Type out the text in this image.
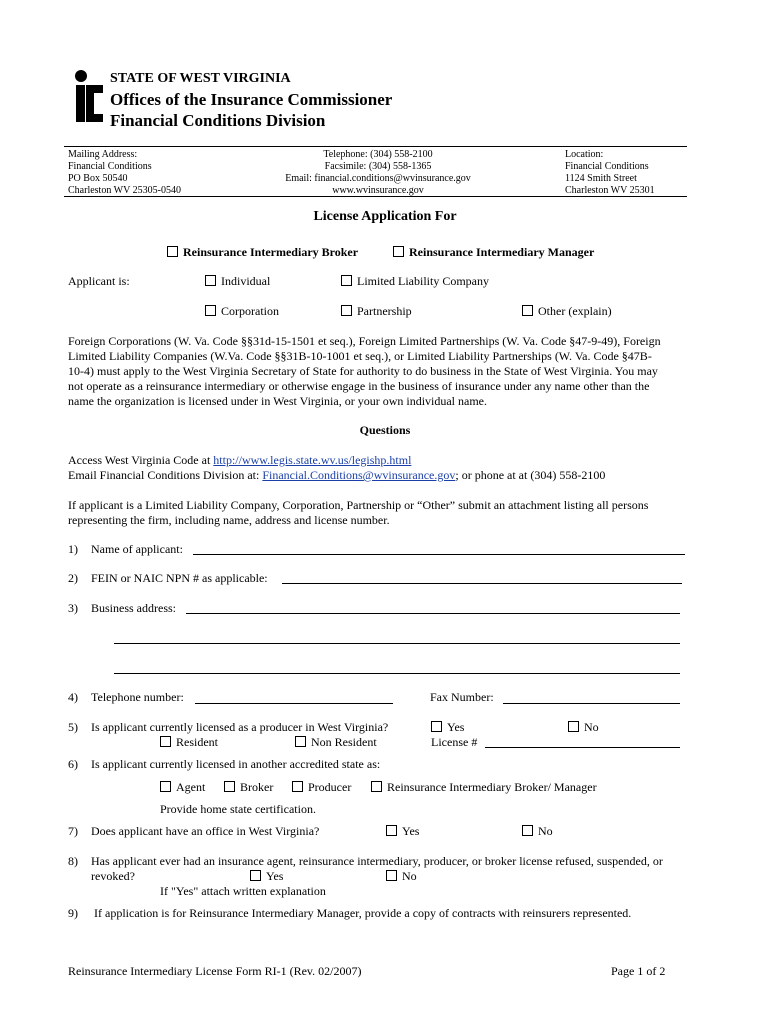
STATE OF WEST VIRGINIA
Offices of the Insurance Commissioner
Financial Conditions Division
Mailing Address:
Financial Conditions
PO Box 50540
Charleston WV 25305-0540
Telephone: (304) 558-2100
Facsimile: (304) 558-1365
Email: financial.conditions@wvinsurance.gov
www.wvinsurance.gov
Location:
Financial Conditions
1124 Smith Street
Charleston WV 25301
License Application For
Reinsurance Intermediary Broker	Reinsurance Intermediary Manager
Applicant is:	Individual	Limited Liability Company
Corporation	Partnership	Other (explain)
Foreign Corporations (W. Va. Code §§31d-15-1501 et seq.), Foreign Limited Partnerships (W. Va. Code §47-9-49), Foreign
Limited Liability Companies (W.Va. Code §§31B-10-1001 et seq.), or Limited Liability Partnerships (W. Va. Code §47B-
10-4) must apply to the West Virginia Secretary of State for authority to do business in the State of West Virginia. You may
not operate as a reinsurance intermediary or otherwise engage in the business of insurance under any name other than the
name the organization is licensed under in West Virginia, or your own individual name.
Questions
Access West Virginia Code at http://www.legis.state.wv.us/legishp.html
Email Financial Conditions Division at: Financial.Conditions@wvinsurance.gov; or phone at at (304) 558-2100
If applicant is a Limited Liability Company, Corporation, Partnership or “Other” submit an attachment listing all persons
representing the firm, including name, address and license number.
1) Name of applicant:
2) FEIN or NAIC NPN # as applicable:
3) Business address:
4) Telephone number:	Fax Number:
5) Is applicant currently licensed as a producer in West Virginia?	Yes	No
Resident	Non Resident	License #
6) Is applicant currently licensed in another accredited state as:
Agent	Broker	Producer	Reinsurance Intermediary Broker/ Manager
Provide home state certification.
7) Does applicant have an office in West Virginia?	Yes	No
8) Has applicant ever had an insurance agent, reinsurance intermediary, producer, or broker license refused, suspended, or
revoked?	Yes	No
If "Yes" attach written explanation
9) If application is for Reinsurance Intermediary Manager, provide a copy of contracts with reinsurers represented.
Reinsurance Intermediary License Form RI-1 (Rev. 02/2007)	Page 1 of 2
